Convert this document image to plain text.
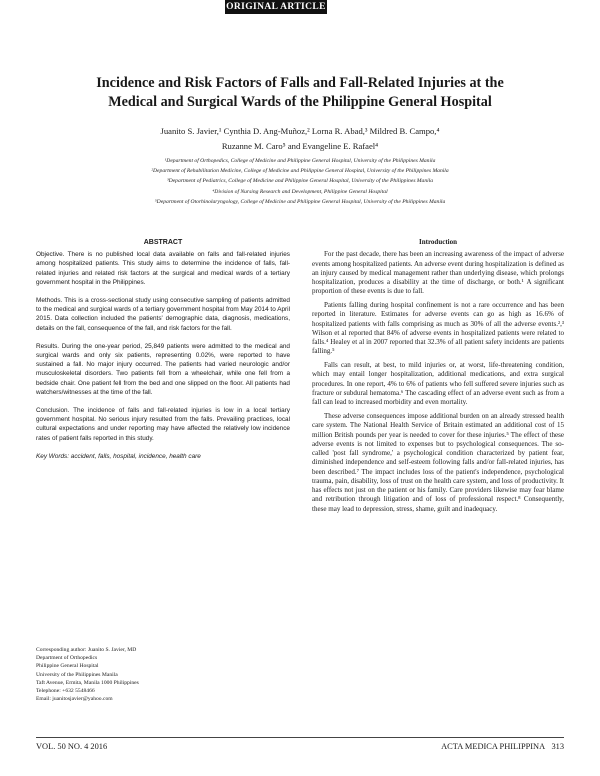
ORIGINAL ARTICLE
Incidence and Risk Factors of Falls and Fall-Related Injuries at the
Medical and Surgical Wards of the Philippine General Hospital
Juanito S. Javier,¹ Cynthia D. Ang-Muñoz,² Lorna R. Abad,³ Mildred B. Campo,⁴
Ruzanne M. Caro⁵ and Evangeline E. Rafael⁴
¹Department of Orthopedics, College of Medicine and Philippine General Hospital, University of the Philippines Manila
²Department of Rehabilitation Medicine, College of Medicine and Philippine General Hospital, University of the Philippines Manila
³Department of Pediatrics, College of Medicine and Philippine General Hospital, University of the Philippines Manila
⁴Division of Nursing Research and Development, Philippine General Hospital
⁵Department of Otorhinolaryngology, College of Medicine and Philippine General Hospital, University of the Philippines Manila
ABSTRACT

Objective. There is no published local data available on falls and fall-related injuries among hospitalized patients. This study aims to determine the incidence of falls, fall-related injuries and related risk factors at the surgical and medical wards of a tertiary government hospital in the Philippines.

Methods. This is a cross-sectional study using consecutive sampling of patients admitted to the medical and surgical wards of a tertiary government hospital from May 2014 to April 2015. Data collection included the patients' demographic data, diagnosis, medications, details on the fall, consequence of the fall, and risk factors for the fall.

Results. During the one-year period, 25,849 patients were admitted to the medical and surgical wards and only six patients, representing 0.02%, were reported to have sustained a fall. No major injury occurred. The patients had varied neurologic and/or musculoskeletal disorders. Two patients fell from a wheelchair, while one fell from a bedside chair. One patient fell from the bed and one slipped on the floor. All patients had watchers/witnesses at the time of the fall.

Conclusion. The incidence of falls and fall-related injuries is low in a local tertiary government hospital. No serious injury resulted from the falls. Prevailing practices, local cultural expectations and under reporting may have affected the relatively low incidence rates of patient falls reported in this study.

Key Words: accident, falls, hospital, incidence, health care

Corresponding author: Juanito S. Javier, MD
Department of Orthopedics
Philippine General Hospital
University of the Philippines Manila
Taft Avenue, Ermita, Manila 1000 Philippines
Telephone: +632 5548466
Email: juanitosjavier@yahoo.com
Introduction

For the past decade, there has been an increasing awareness of the impact of adverse events among hospitalized patients. An adverse event during hospitalization is defined as an injury caused by medical management rather than underlying disease, which prolongs hospitalization, produces a disability at the time of discharge, or both.¹ A significant proportion of these events is due to fall.

Patients falling during hospital confinement is not a rare occurrence and has been reported in literature. Estimates for adverse events can go as high as 16.6% of hospitalized patients with falls comprising as much as 30% of all the adverse events.²,³ Wilson et al reported that 84% of adverse events in hospitalized patients were related to falls.⁴ Healey et al in 2007 reported that 32.3% of all patient safety incidents are patients falling.⁵

Falls can result, at best, to mild injuries or, at worst, life-threatening condition, which may entail longer hospitalization, additional medications, and extra surgical procedures. In one report, 4% to 6% of patients who fell suffered severe injuries such as fracture or subdural hematoma.⁶ The cascading effect of an adverse event such as from a fall can lead to increased morbidity and even mortality.

These adverse consequences impose additional burden on an already stressed health care system. The National Health Service of Britain estimated an additional cost of 15 million British pounds per year is needed to cover for these injuries.⁵ The effect of these adverse events is not limited to expenses but to psychological consequences. The so-called 'post fall syndrome,' a psychological condition characterized by patient fear, diminished independence and self-esteem following falls and/or fall-related injuries, has been described.⁷ The impact includes loss of the patient's independence, psychological trauma, pain, disability, loss of trust on the health care system, and loss of productivity. It has effects not just on the patient or his family. Care providers likewise may fear blame and retribution through litigation and of loss of professional respect.⁸ Consequently, these may lead to depression, stress, shame, guilt and inadequacy.

VOL. 50 NO. 4 2016	ACTA MEDICA PHILIPPINA 313
